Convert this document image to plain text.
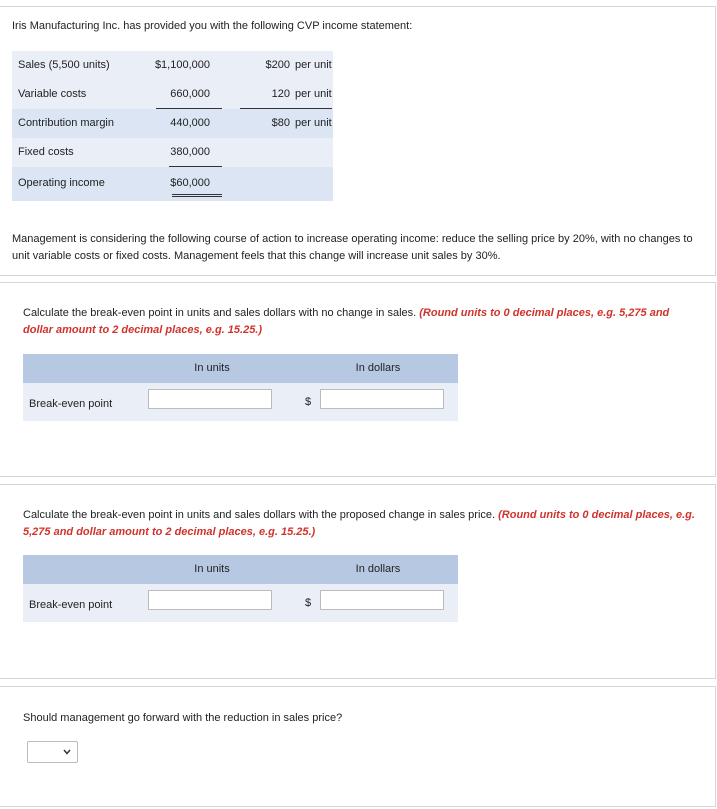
Iris Manufacturing Inc. has provided you with the following CVP income statement:
Sales (5,500 units)	$1,100,000	$200 per unit
Variable costs	660,000	120 per unit
Contribution margin	440,000	$80 per unit
Fixed costs	380,000
Operating income	$60,000
Management is considering the following course of action to increase operating income: reduce the selling price by 20%, with no changes to unit variable costs or fixed costs. Management feels that this change will increase unit sales by 30%.
Calculate the break-even point in units and sales dollars with no change in sales. (Round units to 0 decimal places, e.g. 5,275 and dollar amount to 2 decimal places, e.g. 15.25.)
In units	In dollars
Break-even point	$
Calculate the break-even point in units and sales dollars with the proposed change in sales price. (Round units to 0 decimal places, e.g. 5,275 and dollar amount to 2 decimal places, e.g. 15.25.)
In units	In dollars
Break-even point	$
Should management go forward with the reduction in sales price?
